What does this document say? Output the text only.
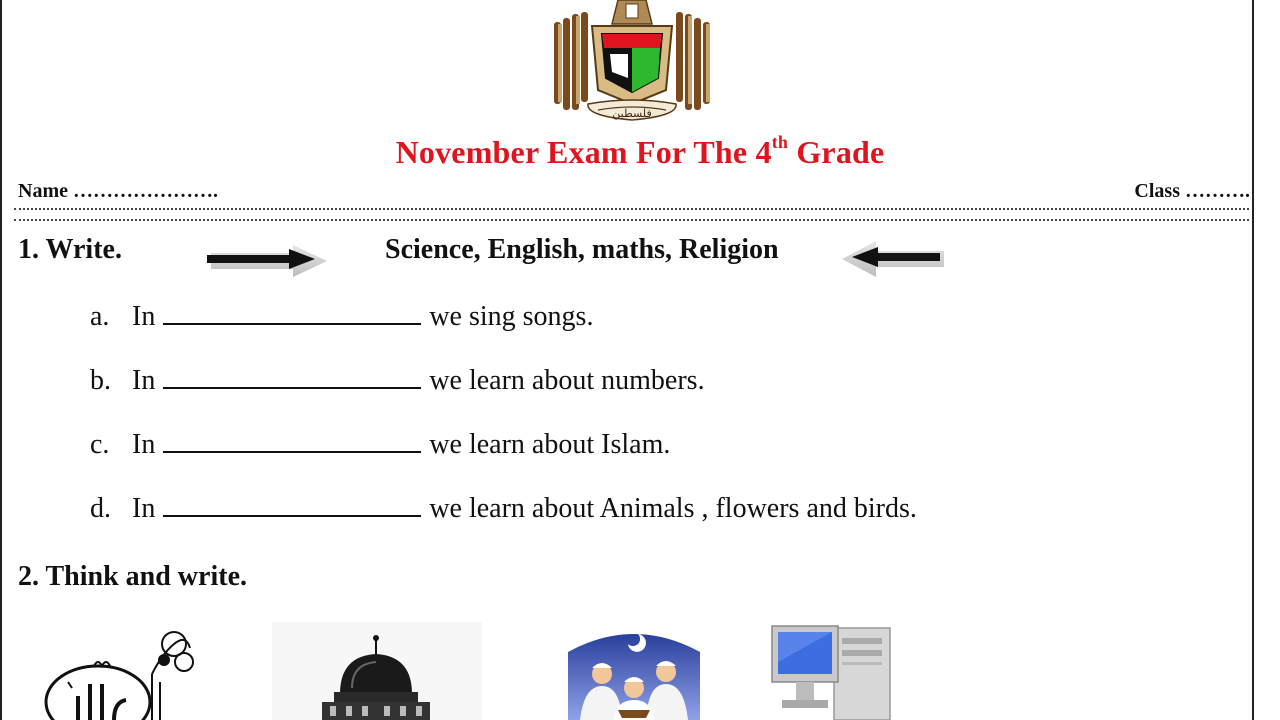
فلسطين
November Exam For The 4th Grade
Name ………………….	Class ……….
1. Write.	Science, English, maths, Religion
a. In	we sing songs.
b. In	we learn about numbers.
c. In	we learn about Islam.
d. In	we learn about Animals , flowers and birds.
2. Think and write.
